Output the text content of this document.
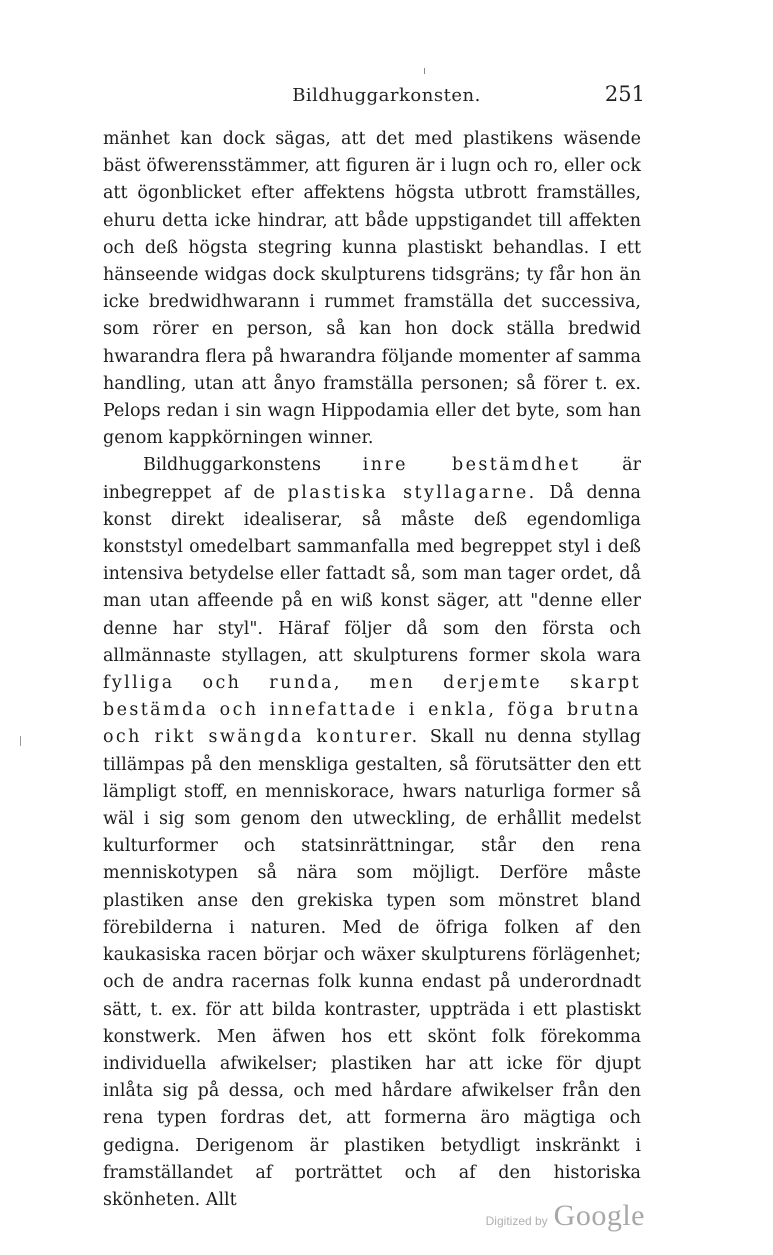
Bildhuggarkonsten.	251

mänhet kan dock sägas, att det med plastikens wäsende bäst öfwerensstämmer, att figuren är i lugn och ro, eller ock att ögonblicket efter affektens högsta utbrott framställes, ehuru detta icke hindrar, att både uppstigandet till affekten och deß högsta stegring kunna plastiskt behandlas. I ett hänseende widgas dock skulpturens tidsgräns; ty får hon än icke bredwidhwarann i rummet framställa det successiva, som rörer en person, så kan hon dock ställa bredwid hwarandra flera på hwarandra följande momenter af samma handling, utan att ånyo framställa personen; så förer t. ex. Pelops redan i sin wagn Hippodamia eller det byte, som han genom kappkörningen winner.

Bildhuggarkonstens inre bestämdhet är inbegreppet af de plastiska styllagarne. Då denna konst direkt idealiserar, så måste deß egendomliga konststyl omedelbart sammanfalla med begreppet styl i deß intensiva betydelse eller fattadt så, som man tager ordet, då man utan affeende på en wiß konst säger, att "denne eller denne har styl". Häraf följer då som den första och allmännaste styllagen, att skulpturens former skola wara fylliga och runda, men derjemte skarpt bestämda och innefattade i enkla, föga brutna och rikt swängda konturer. Skall nu denna styllag tillämpas på den menskliga gestalten, så förutsätter den ett lämpligt stoff, en menniskorace, hwars naturliga former så wäl i sig som genom den utweckling, de erhållit medelst kulturformer och statsinrättningar, står den rena menniskotypen så nära som möjligt. Derföre måste plastiken anse den grekiska typen som mönstret bland förebilderna i naturen. Med de öfriga folken af den kaukasiska racen börjar och wäxer skulpturens förlägenhet; och de andra racernas folk kunna endast på underordnadt sätt, t. ex. för att bilda kontraster, uppträda i ett plastiskt konstwerk. Men äfwen hos ett skönt folk förekomma individuella afwikelser; plastiken har att icke för djupt inlåta sig på dessa, och med hårdare afwikelser från den rena typen fordras det, att formerna äro mägtiga och gedigna. Derigenom är plastiken betydligt inskränkt i framställandet af porträttet och af den historiska skönheten. Allt

Digitized by Google
